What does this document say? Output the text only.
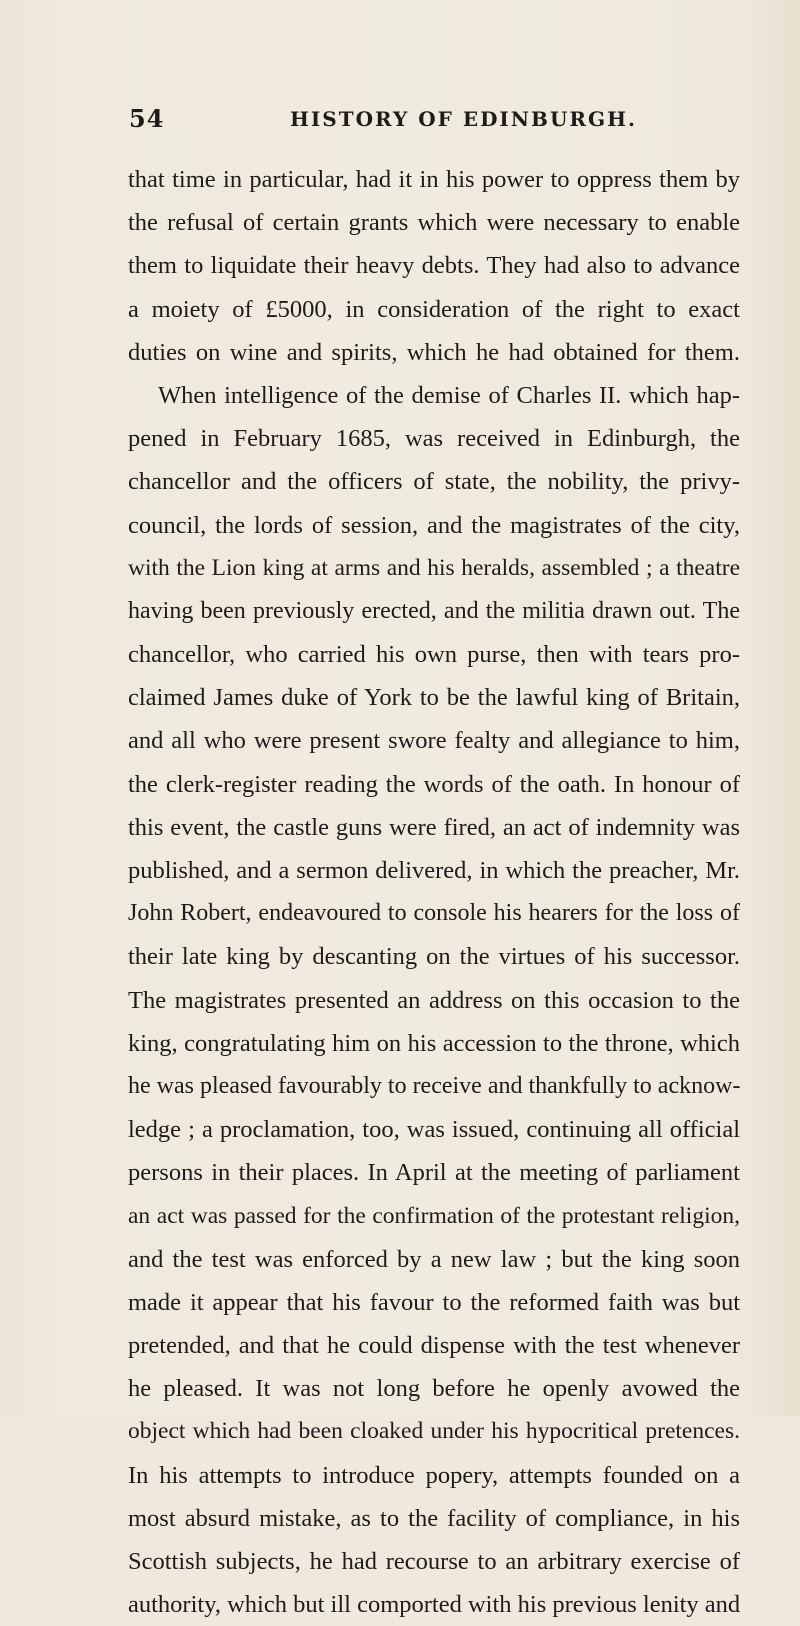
54	HISTORY OF EDINBURGH.
that time in particular, had it in his power to oppress them by
the refusal of certain grants which were necessary to enable
them to liquidate their heavy debts. They had also to advance
a moiety of £5000, in consideration of the right to exact
duties on wine and spirits, which he had obtained for them.
When intelligence of the demise of Charles II. which hap-
pened in February 1685, was received in Edinburgh, the
chancellor and the officers of state, the nobility, the privy-
council, the lords of session, and the magistrates of the city,
with the Lion king at arms and his heralds, assembled ; a theatre
having been previously erected, and the militia drawn out. The
chancellor, who carried his own purse, then with tears pro-
claimed James duke of York to be the lawful king of Britain,
and all who were present swore fealty and allegiance to him,
the clerk-register reading the words of the oath. In honour of
this event, the castle guns were fired, an act of indemnity was
published, and a sermon delivered, in which the preacher, Mr.
John Robert, endeavoured to console his hearers for the loss of
their late king by descanting on the virtues of his successor.
The magistrates presented an address on this occasion to the
king, congratulating him on his accession to the throne, which
he was pleased favourably to receive and thankfully to acknow-
ledge ; a proclamation, too, was issued, continuing all official
persons in their places. In April at the meeting of parliament
an act was passed for the confirmation of the protestant religion,
and the test was enforced by a new law ; but the king soon
made it appear that his favour to the reformed faith was but
pretended, and that he could dispense with the test whenever
he pleased. It was not long before he openly avowed the
object which had been cloaked under his hypocritical pretences.
In his attempts to introduce popery, attempts founded on a
most absurd mistake, as to the facility of compliance, in his
Scottish subjects, he had recourse to an arbitrary exercise of
authority, which but ill comported with his previous lenity and
